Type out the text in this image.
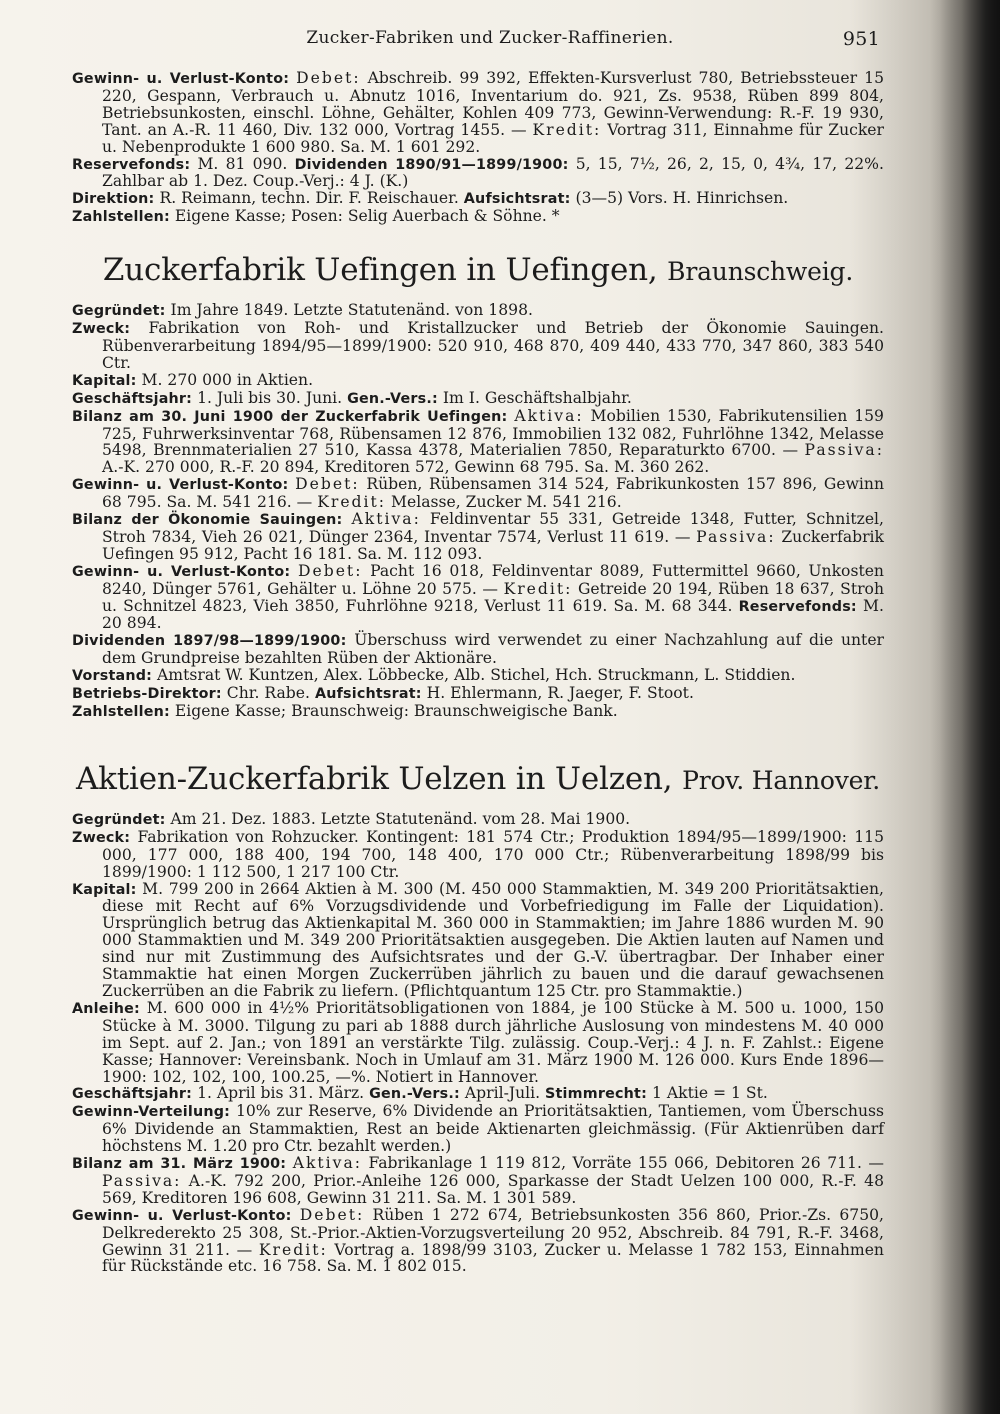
Zucker-Fabriken und Zucker-Raffinerien.	951

Gewinn- u. Verlust-Konto: Debet: Abschreib. 99 392, Effekten-Kursverlust 780, Betriebssteuer 15 220, Gespann, Verbrauch u. Abnutz 1016, Inventarium do. 921, Zs. 9538, Rüben 899 804, Betriebsunkosten, einschl. Löhne, Gehälter, Kohlen 409 773, Gewinn-Verwendung: R.-F. 19 930, Tant. an A.-R. 11 460, Div. 132 000, Vortrag 1455. — Kredit: Vortrag 311, Einnahme für Zucker u. Nebenprodukte 1 600 980. Sa. M. 1 601 292.

Reservefonds: M. 81 090. Dividenden 1890/91—1899/1900: 5, 15, 7½, 26, 2, 15, 0, 4¾, 17, 22%. Zahlbar ab 1. Dez. Coup.-Verj.: 4 J. (K.)

Direktion: R. Reimann, techn. Dir. F. Reischauer. Aufsichtsrat: (3—5) Vors. H. Hinrichsen.

Zahlstellen: Eigene Kasse; Posen: Selig Auerbach & Söhne. *

Zuckerfabrik Uefingen in Uefingen, Braunschweig.

Gegründet: Im Jahre 1849. Letzte Statutenänd. von 1898.

Zweck: Fabrikation von Roh- und Kristallzucker und Betrieb der Ökonomie Sauingen. Rübenverarbeitung 1894/95—1899/1900: 520 910, 468 870, 409 440, 433 770, 347 860, 383 540 Ctr.

Kapital: M. 270 000 in Aktien.

Geschäftsjahr: 1. Juli bis 30. Juni. Gen.-Vers.: Im I. Geschäftshalbjahr.

Bilanz am 30. Juni 1900 der Zuckerfabrik Uefingen: Aktiva: Mobilien 1530, Fabrikutensilien 159 725, Fuhrwerksinventar 768, Rübensamen 12 876, Immobilien 132 082, Fuhrlöhne 1342, Melasse 5498, Brennmaterialien 27 510, Kassa 4378, Materialien 7850, Reparaturkto 6700. — Passiva: A.-K. 270 000, R.-F. 20 894, Kreditoren 572, Gewinn 68 795. Sa. M. 360 262.

Gewinn- u. Verlust-Konto: Debet: Rüben, Rübensamen 314 524, Fabrikunkosten 157 896, Gewinn 68 795. Sa. M. 541 216. — Kredit: Melasse, Zucker M. 541 216.

Bilanz der Ökonomie Sauingen: Aktiva: Feldinventar 55 331, Getreide 1348, Futter, Schnitzel, Stroh 7834, Vieh 26 021, Dünger 2364, Inventar 7574, Verlust 11 619. — Passiva: Zuckerfabrik Uefingen 95 912, Pacht 16 181. Sa. M. 112 093.

Gewinn- u. Verlust-Konto: Debet: Pacht 16 018, Feldinventar 8089, Futtermittel 9660, Unkosten 8240, Dünger 5761, Gehälter u. Löhne 20 575. — Kredit: Getreide 20 194, Rüben 18 637, Stroh u. Schnitzel 4823, Vieh 3850, Fuhrlöhne 9218, Verlust 11 619. Sa. M. 68 344. Reservefonds: M. 20 894.

Dividenden 1897/98—1899/1900: Überschuss wird verwendet zu einer Nachzahlung auf die unter dem Grundpreise bezahlten Rüben der Aktionäre.

Vorstand: Amtsrat W. Kuntzen, Alex. Löbbecke, Alb. Stichel, Hch. Struckmann, L. Stiddien.

Betriebs-Direktor: Chr. Rabe. Aufsichtsrat: H. Ehlermann, R. Jaeger, F. Stoot.

Zahlstellen: Eigene Kasse; Braunschweig: Braunschweigische Bank.

Aktien-Zuckerfabrik Uelzen in Uelzen, Prov. Hannover.

Gegründet: Am 21. Dez. 1883. Letzte Statutenänd. vom 28. Mai 1900.

Zweck: Fabrikation von Rohzucker. Kontingent: 181 574 Ctr.; Produktion 1894/95—1899/1900: 115 000, 177 000, 188 400, 194 700, 148 400, 170 000 Ctr.; Rübenverarbeitung 1898/99 bis 1899/1900: 1 112 500, 1 217 100 Ctr.

Kapital: M. 799 200 in 2664 Aktien à M. 300 (M. 450 000 Stammaktien, M. 349 200 Prioritätsaktien, diese mit Recht auf 6% Vorzugsdividende und Vorbefriedigung im Falle der Liquidation). Ursprünglich betrug das Aktienkapital M. 360 000 in Stammaktien; im Jahre 1886 wurden M. 90 000 Stammaktien und M. 349 200 Prioritätsaktien ausgegeben. Die Aktien lauten auf Namen und sind nur mit Zustimmung des Aufsichtsrates und der G.-V. übertragbar. Der Inhaber einer Stammaktie hat einen Morgen Zuckerrüben jährlich zu bauen und die darauf gewachsenen Zuckerrüben an die Fabrik zu liefern. (Pflichtquantum 125 Ctr. pro Stammaktie.)

Anleihe: M. 600 000 in 4½% Prioritätsobligationen von 1884, je 100 Stücke à M. 500 u. 1000, 150 Stücke à M. 3000. Tilgung zu pari ab 1888 durch jährliche Auslosung von mindestens M. 40 000 im Sept. auf 2. Jan.; von 1891 an verstärkte Tilg. zulässig. Coup.-Verj.: 4 J. n. F. Zahlst.: Eigene Kasse; Hannover: Vereinsbank. Noch in Umlauf am 31. März 1900 M. 126 000. Kurs Ende 1896—1900: 102, 102, 100, 100.25, —%. Notiert in Hannover.

Geschäftsjahr: 1. April bis 31. März. Gen.-Vers.: April-Juli. Stimmrecht: 1 Aktie = 1 St.

Gewinn-Verteilung: 10% zur Reserve, 6% Dividende an Prioritätsaktien, Tantiemen, vom Überschuss 6% Dividende an Stammaktien, Rest an beide Aktienarten gleichmässig. (Für Aktienrüben darf höchstens M. 1.20 pro Ctr. bezahlt werden.)

Bilanz am 31. März 1900: Aktiva: Fabrikanlage 1 119 812, Vorräte 155 066, Debitoren 26 711. — Passiva: A.-K. 792 200, Prior.-Anleihe 126 000, Sparkasse der Stadt Uelzen 100 000, R.-F. 48 569, Kreditoren 196 608, Gewinn 31 211. Sa. M. 1 301 589.

Gewinn- u. Verlust-Konto: Debet: Rüben 1 272 674, Betriebsunkosten 356 860, Prior.-Zs. 6750, Delkrederekto 25 308, St.-Prior.-Aktien-Vorzugsverteilung 20 952, Abschreib. 84 791, R.-F. 3468, Gewinn 31 211. — Kredit: Vortrag a. 1898/99 3103, Zucker u. Melasse 1 782 153, Einnahmen für Rückstände etc. 16 758. Sa. M. 1 802 015.
